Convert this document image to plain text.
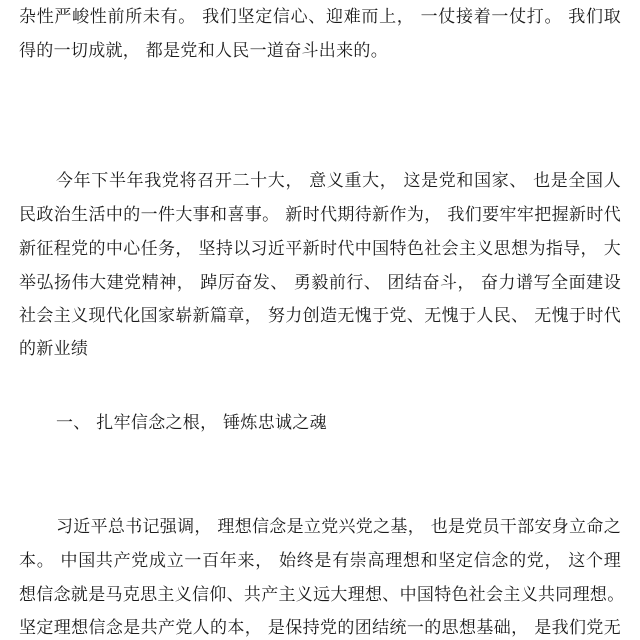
杂性严峻性前所未有。 我们坚定信心、迎难而上， 一仗接着一仗打。 我们取
得的一切成就， 都是党和人民一道奋斗出来的。
今年下半年我党将召开二十大， 意义重大， 这是党和国家、 也是全国人
民政治生活中的一件大事和喜事。 新时代期待新作为， 我们要牢牢把握新时代
新征程党的中心任务， 坚持以习近平新时代中国特色社会主义思想为指导， 大
举弘扬伟大建党精神， 踔厉奋发、 勇毅前行、 团结奋斗， 奋力谱写全面建设
社会主义现代化国家崭新篇章， 努力创造无愧于党、无愧于人民、 无愧于时代
的新业绩
一、 扎牢信念之根， 锤炼忠诚之魂
习近平总书记强调， 理想信念是立党兴党之基， 也是党员干部安身立命之
本。 中国共产党成立一百年来， 始终是有崇高理想和坚定信念的党， 这个理
想信念就是马克思主义信仰、共产主义远大理想、中国特色社会主义共同理想。
坚定理想信念是共产党人的本， 是保持党的团结统一的思想基础， 是我们党无
